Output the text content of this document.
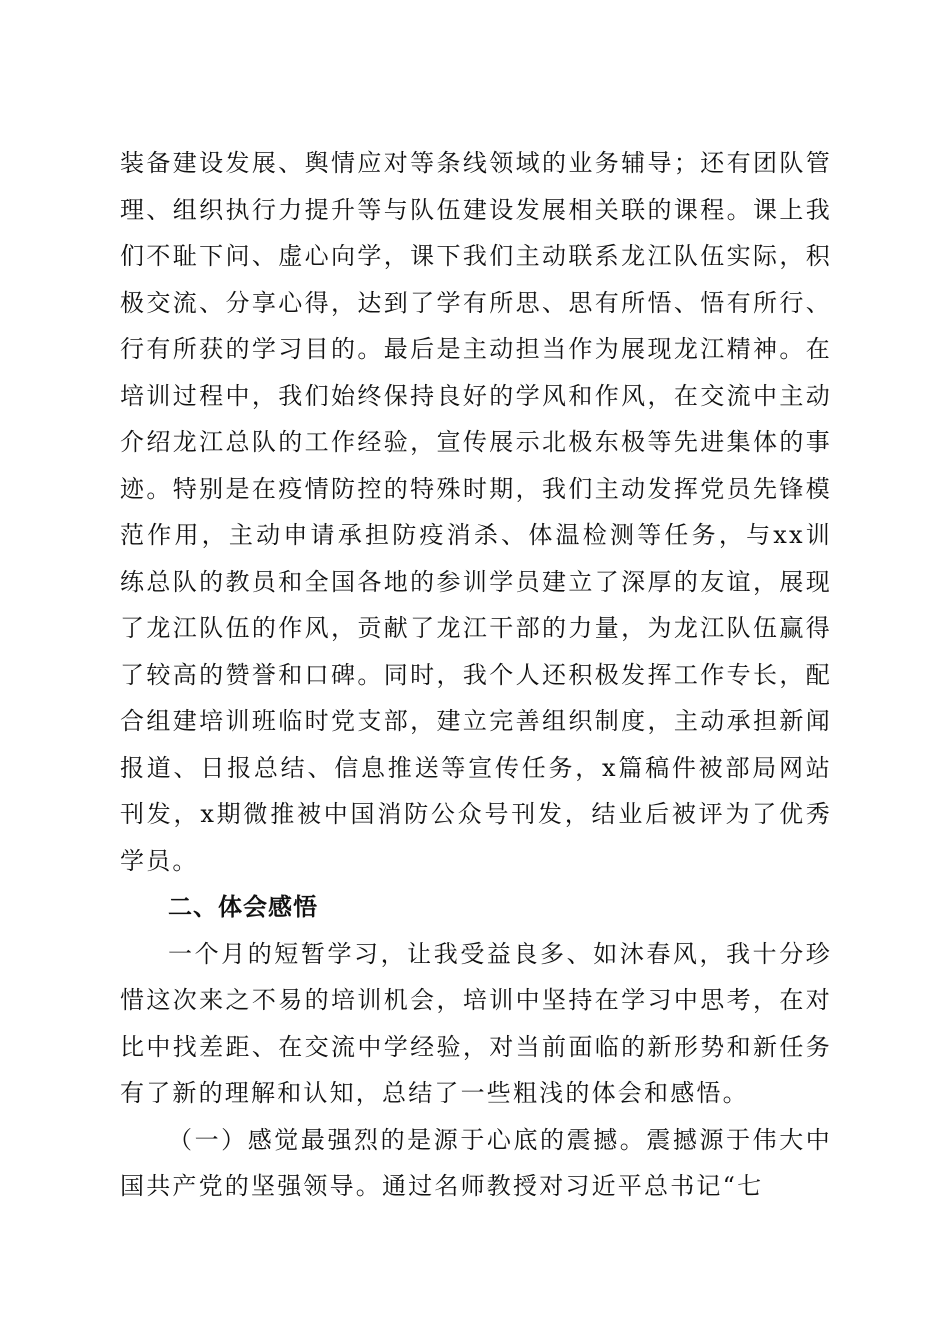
装备建设发展、舆情应对等条线领域的业务辅导；还有团队管理、组织执行力提升等与队伍建设发展相关联的课程。课上我们不耻下问、虚心向学，课下我们主动联系龙江队伍实际，积极交流、分享心得，达到了学有所思、思有所悟、悟有所行、行有所获的学习目的。最后是主动担当作为展现龙江精神。在培训过程中，我们始终保持良好的学风和作风，在交流中主动介绍龙江总队的工作经验，宣传展示北极东极等先进集体的事迹。特别是在疫情防控的特殊时期，我们主动发挥党员先锋模范作用，主动申请承担防疫消杀、体温检测等任务，与xx训练总队的教员和全国各地的参训学员建立了深厚的友谊，展现了龙江队伍的作风，贡献了龙江干部的力量，为龙江队伍赢得了较高的赞誉和口碑。同时，我个人还积极发挥工作专长，配合组建培训班临时党支部，建立完善组织制度，主动承担新闻报道、日报总结、信息推送等宣传任务，x篇稿件被部局网站刊发，x期微推被中国消防公众号刊发，结业后被评为了优秀学员。

二、体会感悟

一个月的短暂学习，让我受益良多、如沐春风，我十分珍惜这次来之不易的培训机会，培训中坚持在学习中思考，在对比中找差距、在交流中学经验，对当前面临的新形势和新任务有了新的理解和认知，总结了一些粗浅的体会和感悟。

（一）感觉最强烈的是源于心底的震撼。震撼源于伟大中国共产党的坚强领导。通过名师教授对习近平总书记“七
